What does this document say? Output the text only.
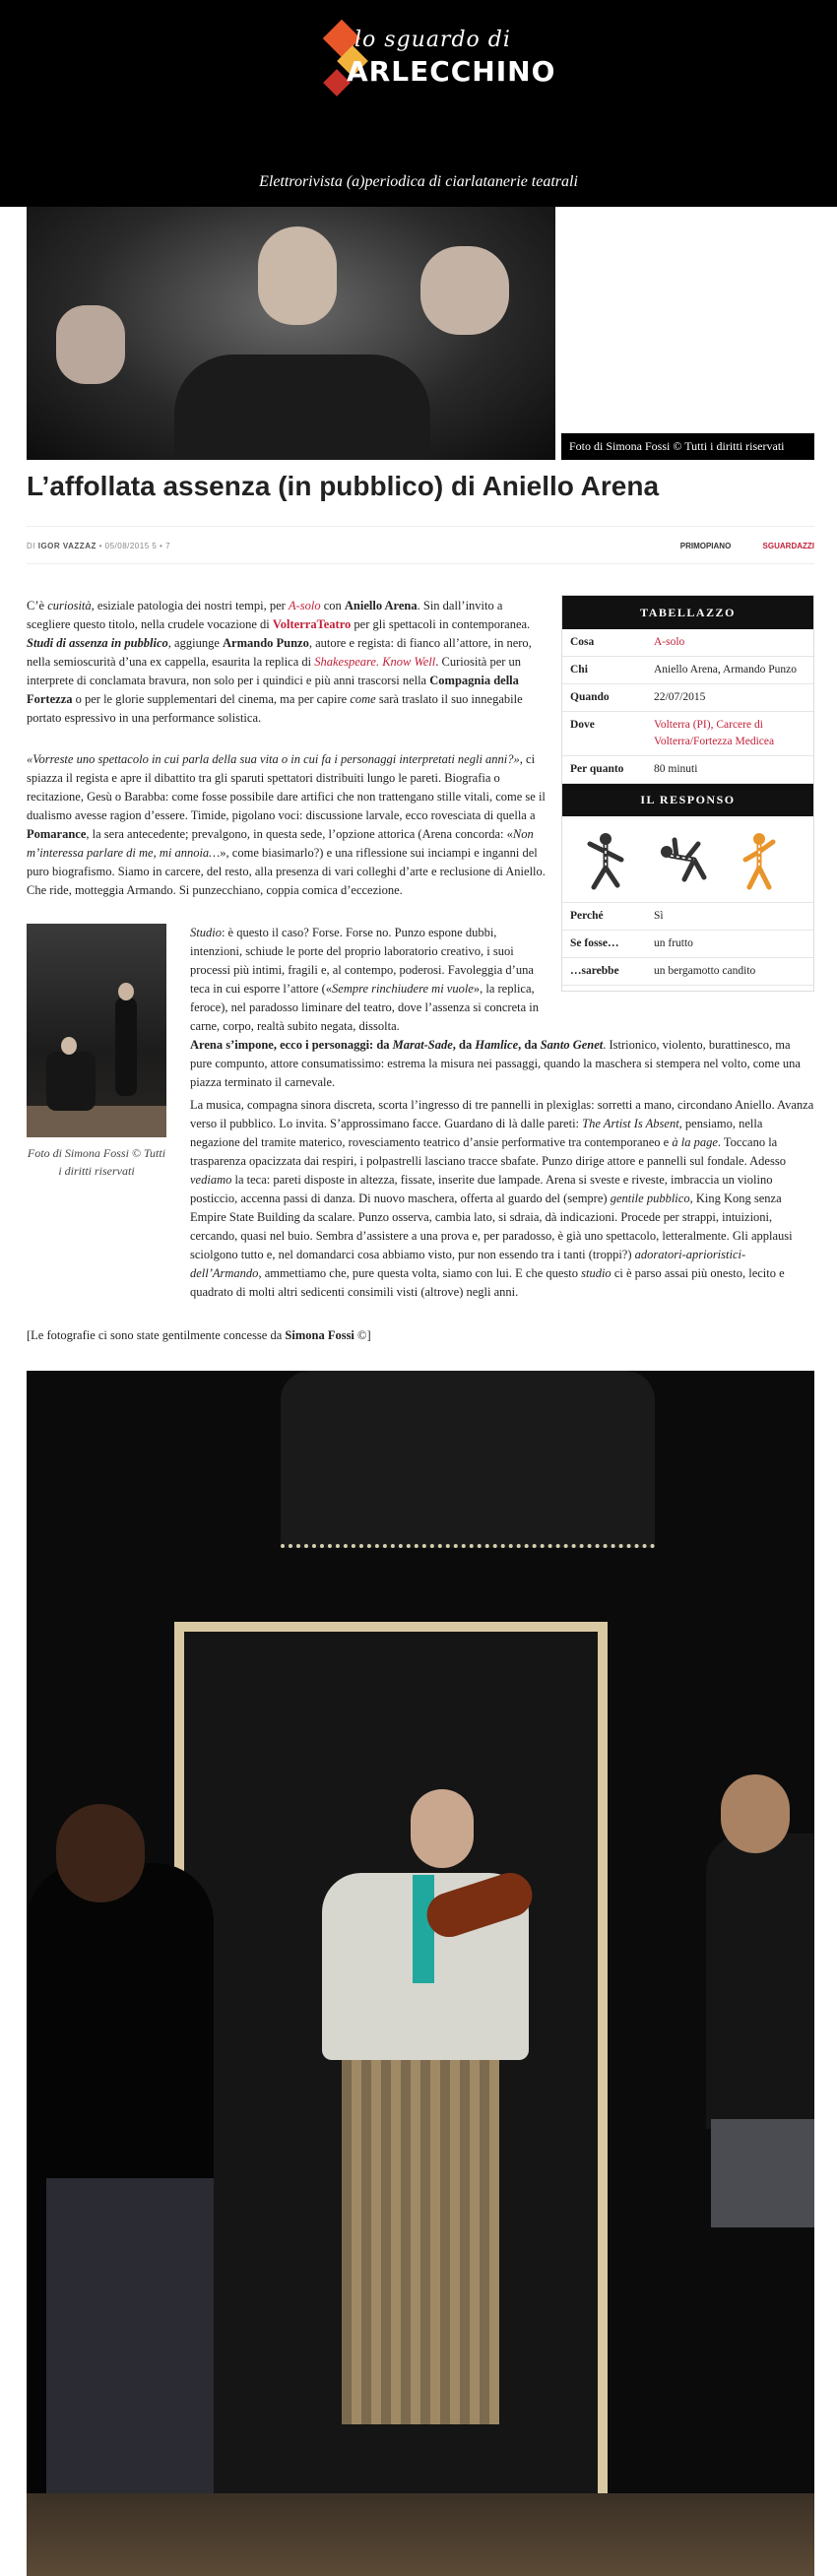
lo sguardo di
ARLECCHINO
Elettrorivista (a)periodica di ciarlatanerie teatrali
Foto di Simona Fossi © Tutti i diritti riservati
L’affollata assenza (in pubblico) di Aniello Arena
DI IGOR VAZZAZ • 05/08/2015 5 • 7	PRIMOPIANO	SGUARDAZZI

C’è curiosità, esiziale patologia dei nostri tempi, per A-solo con Aniello Arena. Sin dall’invito a scegliere questo titolo, nella crudele vocazione di VolterraTeatro per gli spettacoli in contemporanea. Studi di assenza in pubblico, aggiunge Armando Punzo, autore e regista: di fianco all’attore, in nero, nella semioscurità d’una ex cappella, esaurita la replica di Shakespeare. Know Well. Curiosità per un interprete di conclamata bravura, non solo per i quindici e più anni trascorsi nella Compagnia della Fortezza o per le glorie supplementari del cinema, ma per capire come sarà traslato il suo innegabile portato espressivo in una performance solistica.

«Vorreste uno spettacolo in cui parla della sua vita o in cui fa i personaggi interpretati negli anni?», ci spiazza il regista e apre il dibattito tra gli sparuti spettatori distribuiti lungo le pareti. Biografia o recitazione, Gesù o Barabba: come fosse possibile dare artifici che non trattengano stille vitali, come se il dualismo avesse ragion d’essere. Timide, pigolano voci: discussione larvale, ecco rovesciata di quella a Pomarance, la sera antecedente; prevalgono, in questa sede, l’opzione attorica (Arena concorda: «Non m’interessa parlare di me, mi annoia…», come biasimarlo?) e una riflessione sui inciampi e inganni del puro biografismo. Siamo in carcere, del resto, alla presenza di vari colleghi d’arte e reclusione di Aniello. Che ride, motteggia Armando. Si punzecchiano, coppia comica d’eccezione.

TABELLAZZO
Cosa	A-solo
Chi	Aniello Arena, Armando Punzo
Quando	22/07/2015
Dove	Volterra (PI), Carcere di Volterra/Fortezza Medicea
Per quanto	80 minuti
IL RESPONSO
Perché	Sì
Se fosse…	un frutto
…sarebbe	un bergamotto candito
Foto di Simona Fossi © Tutti i diritti riservati

Studio: è questo il caso? Forse. Forse no. Punzo espone dubbi, intenzioni, schiude le porte del proprio laboratorio creativo, i suoi processi più intimi, fragili e, al contempo, poderosi. Favoleggia d’una teca in cui esporre l’attore («Sempre rinchiudere mi vuole», la replica, feroce), nel paradosso liminare del teatro, dove l’assenza si concreta in carne, corpo, realtà subito negata, dissolta.

Arena s’impone, ecco i personaggi: da Marat-Sade, da Hamlice, da Santo Genet. Istrionico, violento, burattinesco, ma pure compunto, attore consumatissimo: estrema la misura nei passaggi, quando la maschera si stempera nel volto, come una piazza terminato il carnevale.

La musica, compagna sinora discreta, scorta l’ingresso di tre pannelli in plexiglas: sorretti a mano, circondano Aniello. Avanza verso il pubblico. Lo invita. S’approssimano facce. Guardano di là dalle pareti: The Artist Is Absent, pensiamo, nella negazione del tramite materico, rovesciamento teatrico d’ansie performative tra contemporaneo e à la page. Toccano la trasparenza opacizzata dai respiri, i polpastrelli lasciano tracce sbafate. Punzo dirige attore e pannelli sul fondale. Adesso vediamo la teca: pareti disposte in altezza, fissate, inserite due lampade. Arena si sveste e riveste, imbraccia un violino posticcio, accenna passi di danza. Di nuovo maschera, offerta al guardo del (sempre) gentile pubblico, King Kong senza Empire State Building da scalare. Punzo osserva, cambia lato, si sdraia, dà indicazioni. Procede per strappi, intuizioni, cercando, quasi nel buio. Sembra d’assistere a una prova e, per paradosso, è già uno spettacolo, letteralmente. Gli applausi sciolgono tutto e, nel domandarci cosa abbiamo visto, pur non essendo tra i tanti (troppi?) adoratori-aprioristici-dell’Armando, ammettiamo che, pure questa volta, siamo con lui. E che questo studio ci è parso assai più onesto, lecito e quadrato di molti altri sedicenti consimili visti (altrove) negli anni.

[Le fotografie ci sono state gentilmente concesse da Simona Fossi ©]
